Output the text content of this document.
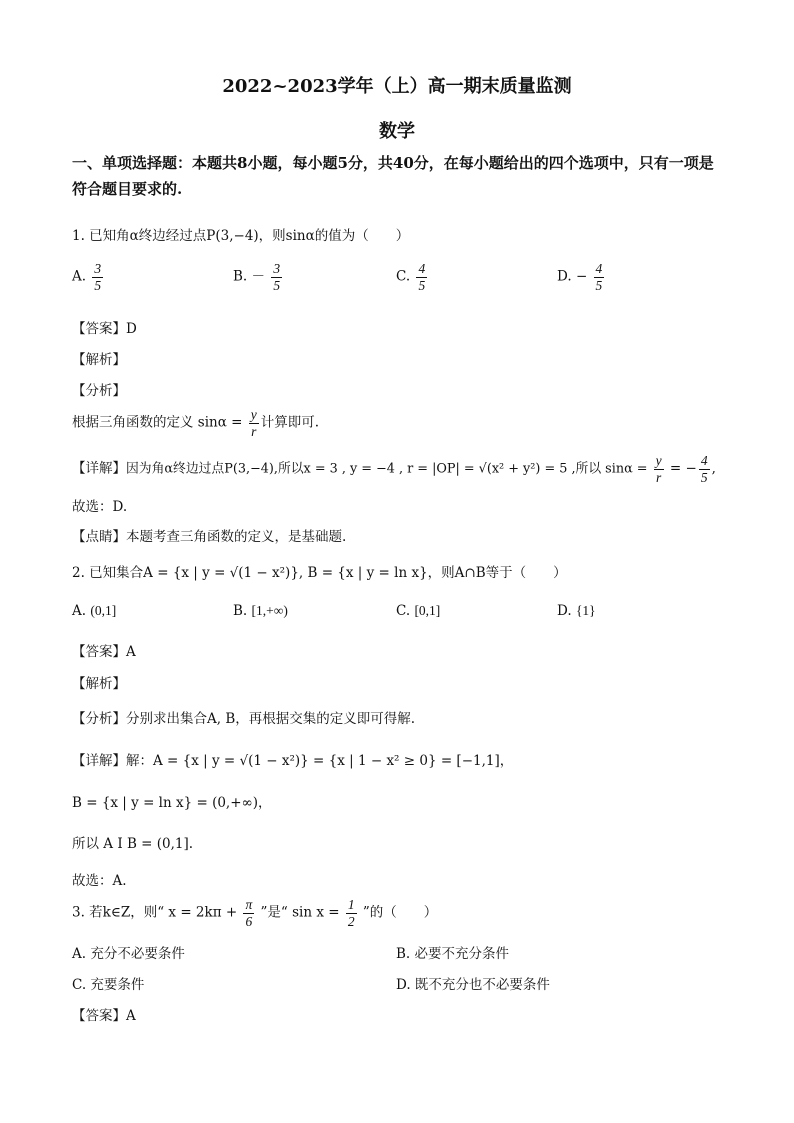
2022~2023学年（上）高一期末质量监测
数学
一、单项选择题：本题共8小题，每小题5分，共40分，在每小题给出的四个选项中，只有一项是符合题目要求的.
1. 已知角α终边经过点P(3,−4)，则sinα的值为（　　）
A. $\frac{3}{5}$	B. － $\frac{3}{5}$	C. $\frac{4}{5}$	D. − $\frac{4}{5}$
【答案】D
【解析】
【分析】
根据三角函数的定义 $\sin\alpha = \frac{y}{r}$ 计算即可.
【详解】因为角α终边过点P(3,−4),所以x = 3 , y = −4 , r = |OP| = √(x² + y²) = 5 ,所以 $\sin\alpha = \frac{y}{r}$ = − $\frac{4}{5}$ ,
故选：D.
【点睛】本题考查三角函数的定义，是基础题.
2. 已知集合A = {x | y = √(1 − x²)}, B = {x | y = ln x}，则A∩B等于（　　）
A. (0,1]	B. [1,+∞)	C. [0,1]	D. {1}
【答案】A
【解析】
【分析】分别求出集合A, B，再根据交集的定义即可得解.
【详解】解：A = {x | y = √(1 − x²)} = {x | 1 − x² ≥ 0} = [−1,1]，
B = {x | y = ln x} = (0,+∞)，
所以 A I B = (0,1].
故选：A.
3. 若k∈Z，则“ $x = 2k\pi + \frac{\pi}{6}$ ”是“ $\sin x = \frac{1}{2}$ ”的（　　）
A. 充分不必要条件	B. 必要不充分条件
C. 充要条件	D. 既不充分也不必要条件
【答案】A
